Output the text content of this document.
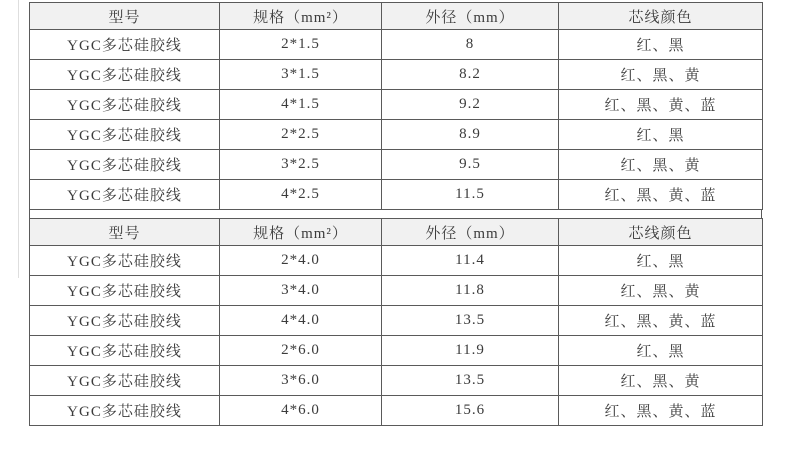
型号	规格（mm²）	外径（mm）	芯线颜色
YGC多芯硅胶线	2*1.5	8	红、黑
YGC多芯硅胶线	3*1.5	8.2	红、黑、黄
YGC多芯硅胶线	4*1.5	9.2	红、黑、黄、蓝
YGC多芯硅胶线	2*2.5	8.9	红、黑
YGC多芯硅胶线	3*2.5	9.5	红、黑、黄
YGC多芯硅胶线	4*2.5	11.5	红、黑、黄、蓝
型号	规格（mm²）	外径（mm）	芯线颜色
YGC多芯硅胶线	2*4.0	11.4	红、黑
YGC多芯硅胶线	3*4.0	11.8	红、黑、黄
YGC多芯硅胶线	4*4.0	13.5	红、黑、黄、蓝
YGC多芯硅胶线	2*6.0	11.9	红、黑
YGC多芯硅胶线	3*6.0	13.5	红、黑、黄
YGC多芯硅胶线	4*6.0	15.6	红、黑、黄、蓝
